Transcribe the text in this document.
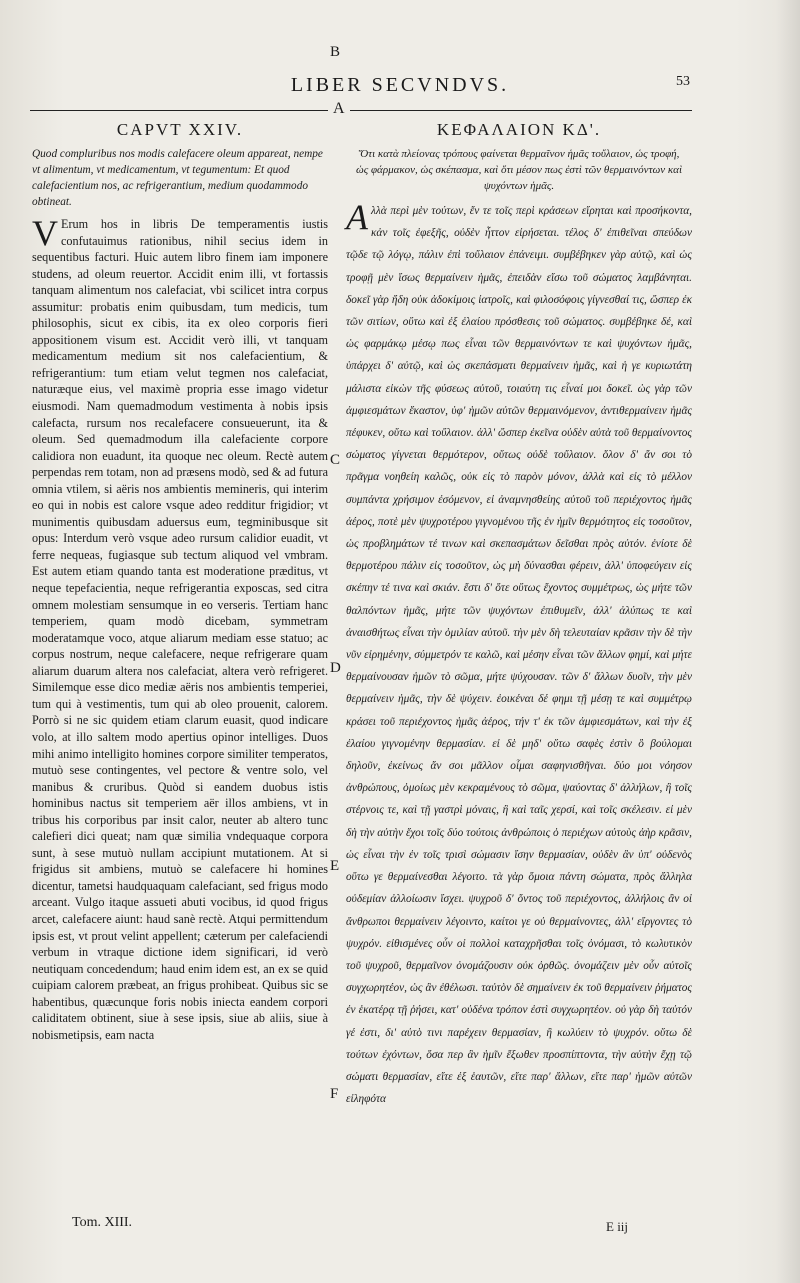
LIBER SECVNDVS.	53
A
B
C
D
E
F
CAPVT XXIV.

Quod compluribus nos modis calefacere oleum appareat, nempe vt alimentum, vt medicamentum, vt tegumentum: Et quod calefacientium nos, ac refrigerantium, medium quodammodo obtineat.

V Erum hos in libris De temperamentis iustis confutauimus rationibus, nihil secius idem in sequentibus facturi. Huic autem libro finem iam imponere studens, ad oleum reuertor. Accidit enim illi, vt fortassis tanquam alimentum nos calefaciat, vbi scilicet intra corpus assumitur: probatis enim quibusdam, tum medicis, tum philosophis, sicut ex cibis, ita ex oleo corporis fieri appositionem visum est. Accidit verò illi, vt tanquam medicamentum medium sit nos calefacientium, & refrigerantium: tum etiam velut tegmen nos calefaciat, naturæque eius, vel maximè propria esse imago videtur eiusmodi. Nam quemadmodum vestimenta à nobis ipsis calefacta, rursum nos recalefacere consueuerunt, ita & oleum. Sed quemadmodum illa calefaciente corpore calidiora non euadunt, ita quoque nec oleum. Rectè autem perpendas rem totam, non ad præsens modò, sed & ad futura omnia vtilem, si aëris nos ambientis memineris, qui interim eo qui in nobis est calore vsque adeo redditur frigidior; vt munimentis quibusdam aduersus eum, tegminibusque sit opus: Interdum verò vsque adeo rursum calidior euadit, vt ferre nequeas, fugiasque sub tectum aliquod vel vmbram. Est autem etiam quando tanta est moderatione præditus, vt neque tepefacientia, neque refrigerantia exposcas, sed citra omnem molestiam sensumque in eo verseris. Tertiam hanc temperiem, quam modò dicebam, symmetram moderatamque voco, atque aliarum mediam esse statuo; ac corpus nostrum, neque calefacere, neque refrigerare quam aliarum duarum altera nos calefaciat, altera verò refrigeret. Similemque esse dico mediæ aëris nos ambientis temperiei, tum qui à vestimentis, tum qui ab oleo prouenit, calorem. Porrò si ne sic quidem etiam clarum euasit, quod indicare volo, at illo saltem modo apertius opinor intelliges. Duos mihi animo intelligito homines corpore similiter temperatos, mutuò sese contingentes, vel pectore & ventre solo, vel manibus & cruribus. Quòd si eandem duobus istis hominibus nactus sit temperiem aër illos ambiens, vt in tribus his corporibus par insit calor, neuter ab altero tunc calefieri dici queat; nam quæ similia vndequaque corpora sunt, à sese mutuò nullam accipiunt mutationem. At si frigidus sit ambiens, mutuò se calefacere hi homines dicentur, tametsi haudquaquam calefaciant, sed frigus modo arceant. Vulgo itaque assueti abuti vocibus, id quod frigus arcet, calefacere aiunt: haud sanè rectè. Atqui permittendum ipsis est, vt prout velint appellent; cæterum per calefaciendi verbum in vtraque dictione idem significari, id verò neutiquam concedendum; haud enim idem est, an ex se quid cuipiam calorem præbeat, an frigus prohibeat. Quibus sic se habentibus, quæcunque foris nobis iniecta eandem corpori caliditatem obtinent, siue à sese ipsis, siue ab aliis, siue à nobismetipsis, eam nacta

ΚΕΦΑΛΑΙΟΝ ΚΔ'.

Ὅτι κατὰ πλείονας τρόπους φαίνεται θερμαῖνον ἡμᾶς τοὔλαιον, ὡς τροφή, ὡς φάρμακον, ὡς σκέπασμα, καὶ ὅτι μέσον πως ἐστὶ τῶν θερμαινόντων καὶ ψυχόντων ἡμᾶς.

Αλλὰ περὶ μὲν τούτων, ἔν τε τοῖς περὶ κράσεων εἴρηται καὶ προσήκοντα, κἀν τοῖς ἐφεξῆς, οὐδὲν ἧττον εἰρήσεται. τέλος δ' ἐπιθεῖναι σπεύδων τῷδε τῷ λόγῳ, πάλιν ἐπὶ τοὔλαιον ἐπάνειμι. συμβέβηκεν γὰρ αὐτῷ, καὶ ὡς τροφῇ μὲν ἴσως θερμαίνειν ἡμᾶς, ἐπειδὰν εἴσω τοῦ σώματος λαμβάνηται. δοκεῖ γὰρ ἤδη οὐκ ἀδοκίμοις ἰατροῖς, καὶ φιλοσόφοις γίγνεσθαί τις, ὥσπερ ἐκ τῶν σιτίων, οὕτω καὶ ἐξ ἐλαίου πρόσθεσις τοῦ σώματος. συμβέβηκε δέ, καὶ ὡς φαρμάκῳ μέσῳ πως εἶναι τῶν θερμαινόντων τε καὶ ψυχόντων ἡμᾶς, ὑπάρχει δ' αὐτῷ, καὶ ὡς σκεπάσματι θερμαίνειν ἡμᾶς, καὶ ἡ γε κυριωτάτη μάλιστα εἰκὼν τῆς φύσεως αὐτοῦ, τοιαύτη τις εἶναί μοι δοκεῖ. ὡς γὰρ τῶν ἀμφιεσμάτων ἕκαστον, ὑφ' ἡμῶν αὐτῶν θερμαινόμενον, ἀντιθερμαίνειν ἡμᾶς πέφυκεν, οὕτω καὶ τοὔλαιον. ἀλλ' ὥσπερ ἐκεῖνα οὐδὲν αὐτὰ τοῦ θερμαίνοντος σώματος γίγνεται θερμότερον, οὕτως οὐδὲ τοὔλαιον. ὅλον δ' ἄν σοι τὸ πρᾶγμα νοηθείη καλῶς, οὐκ εἰς τὸ παρὸν μόνον, ἀλλὰ καὶ εἰς τὸ μέλλον συμπάντα χρήσιμον ἐσόμενον, εἰ ἀναμνησθείης αὐτοῦ τοῦ περιέχοντος ἡμᾶς ἀέρος, ποτὲ μὲν ψυχροτέρου γιγνομένου τῆς ἐν ἡμῖν θερμότητος εἰς τοσοῦτον, ὡς προβλημάτων τέ τινων καὶ σκεπασμάτων δεῖσθαι πρὸς αὐτόν. ἐνίοτε δὲ θερμοτέρου πάλιν εἰς τοσοῦτον, ὡς μὴ δύνασθαι φέρειν, ἀλλ' ὑποφεύγειν εἰς σκέπην τέ τινα καὶ σκιάν. ἔστι δ' ὅτε οὕτως ἔχοντος συμμέτρως, ὡς μήτε τῶν θαλπόντων ἡμᾶς, μήτε τῶν ψυχόντων ἐπιθυμεῖν, ἀλλ' ἀλύπως τε καὶ ἀναισθήτως εἶναι τὴν ὁμιλίαν αὐτοῦ. τὴν μὲν δὴ τελευταίαν κρᾶσιν τὴν δὲ τὴν νῦν εἰρημένην, σύμμετρόν τε καλῶ, καὶ μέσην εἶναι τῶν ἄλλων φημί, καὶ μήτε θερμαίνουσαν ἡμῶν τὸ σῶμα, μήτε ψύχουσαν. τῶν δ' ἄλλων δυοῖν, τὴν μὲν θερμαίνειν ἡμᾶς, τὴν δὲ ψύχειν. ἐοικέναι δέ φημι τῇ μέσῃ τε καὶ συμμέτρῳ κράσει τοῦ περιέχοντος ἡμᾶς ἀέρος, τήν τ' ἐκ τῶν ἀμφιεσμάτων, καὶ τὴν ἐξ ἐλαίου γιγνομένην θερμασίαν. εἰ δὲ μηδ' οὕτω σαφὲς ἐστὶν ὃ βούλομαι δηλοῦν, ἐκείνως ἄν σοι μᾶλλον οἶμαι σαφηνισθῆναι. δύο μοι νόησον ἀνθρώπους, ὁμοίως μὲν κεκραμένους τὸ σῶμα, ψαύοντας δ' ἀλλήλων, ἢ τοῖς στέρνοις τε, καὶ τῇ γαστρὶ μόναις, ἢ καὶ ταῖς χερσί, καὶ τοῖς σκέλεσιν. εἰ μὲν δὴ τὴν αὐτὴν ἔχοι τοῖς δύο τούτοις ἀνθρώποις ὁ περιέχων αὐτοὺς ἀὴρ κρᾶσιν, ὡς εἶναι τὴν ἐν τοῖς τρισὶ σώμασιν ἴσην θερμασίαν, οὐδὲν ἂν ὑπ' οὐδενὸς οὕτω γε θερμαίνεσθαι λέγοιτο. τὰ γὰρ ὅμοια πάντη σώματα, πρὸς ἄλληλα οὐδεμίαν ἀλλοίωσιν ἴσχει. ψυχροῦ δ' ὄντος τοῦ περιέχοντος, ἀλλήλοις ἂν οἱ ἄνθρωποι θερμαίνειν λέγοιντο, καίτοι γε οὐ θερμαίνοντες, ἀλλ' εἴργοντες τὸ ψυχρόν. εἰθισμένες οὖν οἱ πολλοὶ καταχρῆσθαι τοῖς ὀνόμασι, τὸ κωλυτικὸν τοῦ ψυχροῦ, θερμαῖνον ὀνομάζουσιν οὐκ ὀρθῶς. ὀνομάζειν μὲν οὖν αὐτοῖς συγχωρητέον, ὡς ἂν ἐθέλωσι. ταὐτὸν δὲ σημαίνειν ἐκ τοῦ θερμαίνειν ῥήματος ἐν ἑκατέρᾳ τῇ ῥήσει, κατ' οὐδένα τρόπον ἐστὶ συγχωρητέον. οὐ γὰρ δὴ ταὐτόν γέ ἐστι, δι' αὐτὸ τινι παρέχειν θερμασίαν, ἢ κωλύειν τὸ ψυχρόν. οὕτω δὲ τούτων ἐχόντων, ὅσα περ ἂν ἡμῖν ἔξωθεν προσπίπτοντα, τὴν αὐτὴν ἔχῃ τῷ σώματι θερμασίαν, εἴτε ἐξ ἑαυτῶν, εἴτε παρ' ἄλλων, εἴτε παρ' ἡμῶν αὐτῶν εἰληφότα

Tom. XIII.	E iij
